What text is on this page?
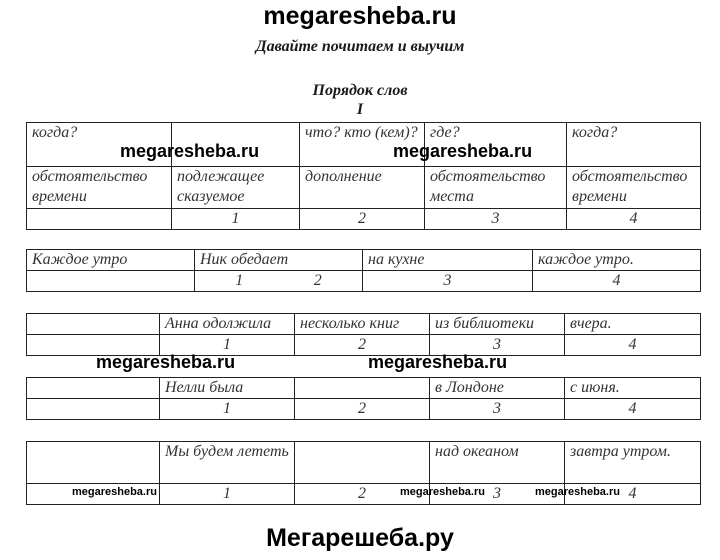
megaresheba.ru
Давайте почитаем и выучим
Порядок слов
I
когда?		что? кто (кем)?	где?	когда?
обстоятельство времени	подлежащее сказуемое	дополнение	обстоятельство места	обстоятельство времени
	1	2	3	4
Каждое утро	Ник обедает	на кухне	каждое утро.

	1 2	3	4
	Анна одолжила	несколько книг	из библиотеки	вчера.
	1	2	3	4
	Нелли была		в Лондоне	с июня.
	1	2	3	4
	Мы будем лететь		над океаном	завтра утром.
	1	2	3	4
megaresheba.ru	megaresheba.ru
megaresheba.ru	megaresheba.ru
megaresheba.ru	megaresheba.ru	megaresheba.ru
Мегарешеба.ру
